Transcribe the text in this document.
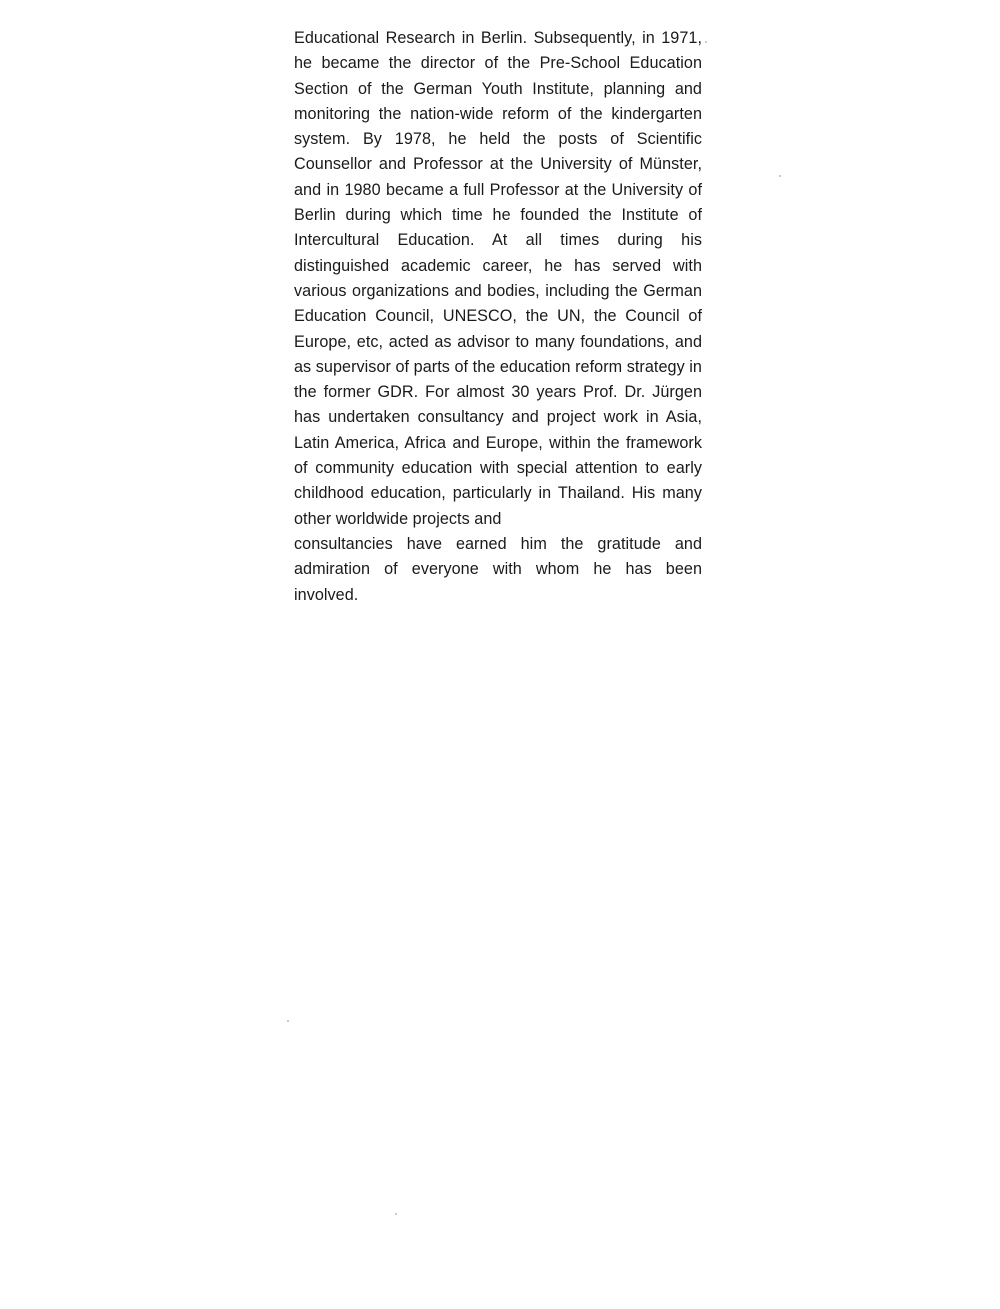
Educational Research in Berlin. Subsequently, in 1971, he became the director of the Pre-School Education Section of the German Youth Institute, planning and monitoring the nation-wide reform of the kindergarten system. By 1978, he held the posts of Scientific Counsellor and Professor at the University of Münster, and in 1980 became a full Professor at the University of Berlin during which time he founded the Institute of Intercultural Education. At all times during his distinguished academic career, he has served with various organizations and bodies, including the German Education Council, UNESCO, the UN, the Council of Europe, etc, acted as advisor to many foundations, and as supervisor of parts of the education reform strategy in the former GDR. For almost 30 years Prof. Dr. Jürgen has undertaken consultancy and project work in Asia, Latin America, Africa and Europe, within the framework of community education with special attention to early childhood education, particularly in Thailand. His many other worldwide projects and

consultancies have earned him the gratitude and admiration of everyone with whom he has been involved.
